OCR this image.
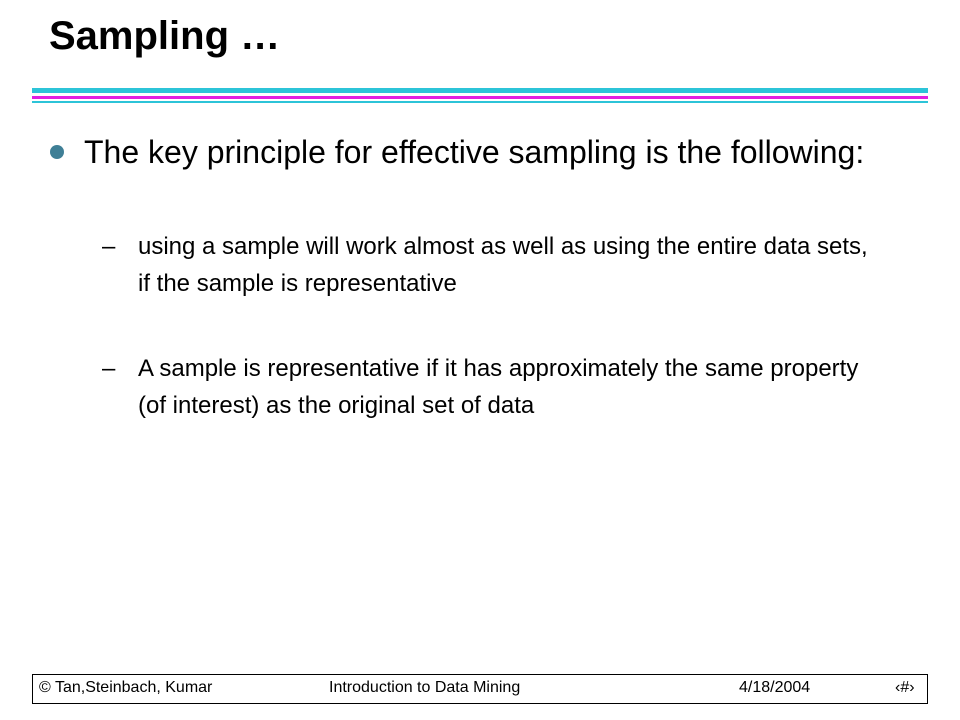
Sampling …
The key principle for effective sampling is the following:
– using a sample will work almost as well as using the entire data sets, if the sample is representative
– A sample is representative if it has approximately the same property (of interest) as the original set of data
© Tan,Steinbach, Kumar	Introduction to Data Mining	4/18/2004	‹#›
